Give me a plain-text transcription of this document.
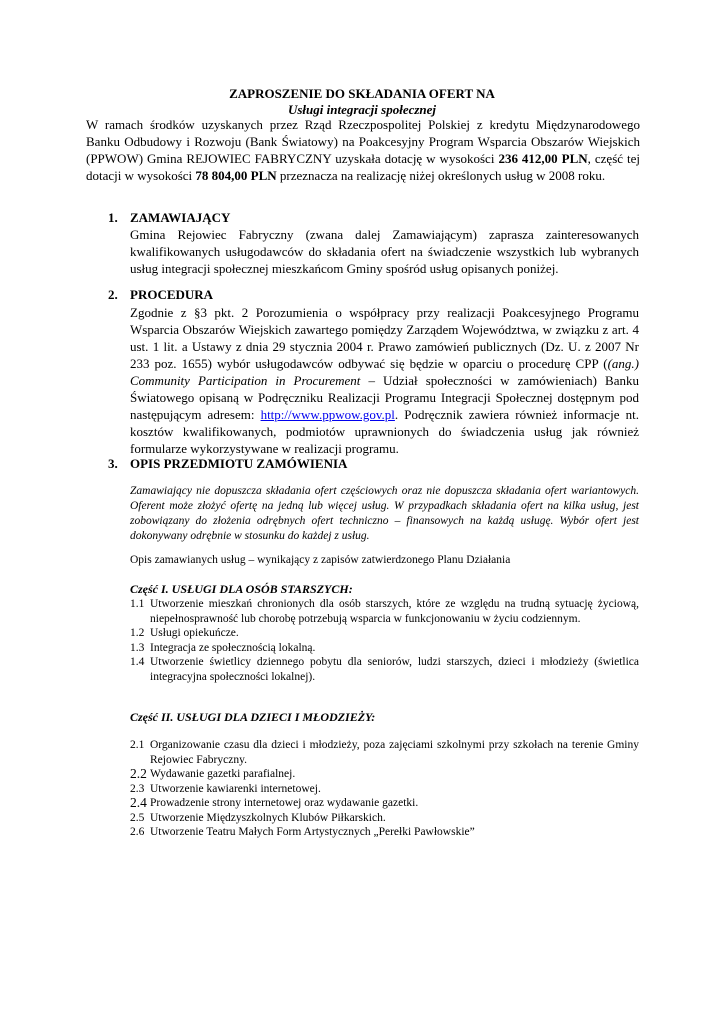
ZAPROSZENIE DO SKŁADANIA OFERT NA
Usługi integracji społecznej
W ramach środków uzyskanych przez Rząd Rzeczpospolitej Polskiej z kredytu Międzynarodowego Banku Odbudowy i Rozwoju (Bank Światowy) na Poakcesyjny Program Wsparcia Obszarów Wiejskich (PPWOW) Gmina REJOWIEC FABRYCZNY uzyskała dotację w wysokości 236 412,00 PLN, część tej dotacji w wysokości 78 804,00 PLN przeznacza na realizację niżej określonych usług w 2008 roku.
1. ZAMAWIAJĄCY
Gmina Rejowiec Fabryczny (zwana dalej Zamawiającym) zaprasza zainteresowanych kwalifikowanych usługodawców do składania ofert na świadczenie wszystkich lub wybranych usług integracji społecznej mieszkańcom Gminy spośród usług opisanych poniżej.
2. PROCEDURA
Zgodnie z §3 pkt. 2 Porozumienia o współpracy przy realizacji Poakcesyjnego Programu Wsparcia Obszarów Wiejskich zawartego pomiędzy Zarządem Województwa, w związku z art. 4 ust. 1 lit. a Ustawy z dnia 29 stycznia 2004 r. Prawo zamówień publicznych (Dz. U. z 2007 Nr 233 poz. 1655) wybór usługodawców odbywać się będzie w oparciu o procedurę CPP ((ang.) Community Participation in Procurement – Udział społeczności w zamówieniach) Banku Światowego opisaną w Podręczniku Realizacji Programu Integracji Społecznej dostępnym pod następującym adresem: http://www.ppwow.gov.pl. Podręcznik zawiera również informacje nt. kosztów kwalifikowanych, podmiotów uprawnionych do świadczenia usług jak również formularze wykorzystywane w realizacji programu.
3. OPIS PRZEDMIOTU ZAMÓWIENIA
Zamawiający nie dopuszcza składania ofert częściowych oraz nie dopuszcza składania ofert wariantowych. Oferent może złożyć ofertę na jedną lub więcej usług. W przypadkach składania ofert na kilka usług, jest zobowiązany do złożenia odrębnych ofert techniczno – finansowych na każdą usługę. Wybór ofert jest dokonywany odrębnie w stosunku do każdej z usług.
Opis zamawianych usług – wynikający z zapisów zatwierdzonego Planu Działania
Część I. USŁUGI DLA OSÓB STARSZYCH:
1.1 Utworzenie mieszkań chronionych dla osób starszych, które ze względu na trudną sytuację życiową, niepełnosprawność lub chorobę potrzebują wsparcia w funkcjonowaniu w życiu codziennym.
1.2 Usługi opiekuńcze.
1.3 Integracja ze społecznością lokalną.
1.4 Utworzenie świetlicy dziennego pobytu dla seniorów, ludzi starszych, dzieci i młodzieży (świetlica integracyjna społeczności lokalnej).
Część II. USŁUGI DLA DZIECI I MŁODZIEŻY:
2.1 Organizowanie czasu dla dzieci i młodzieży, poza zajęciami szkolnymi przy szkołach na terenie Gminy Rejowiec Fabryczny.
2.2 Wydawanie gazetki parafialnej.
2.3 Utworzenie kawiarenki internetowej.
2.4 Prowadzenie strony internetowej oraz wydawanie gazetki.
2.5 Utworzenie Międzyszkolnych Klubów Piłkarskich.
2.6 Utworzenie Teatru Małych Form Artystycznych „Perełki Pawłowskie”
